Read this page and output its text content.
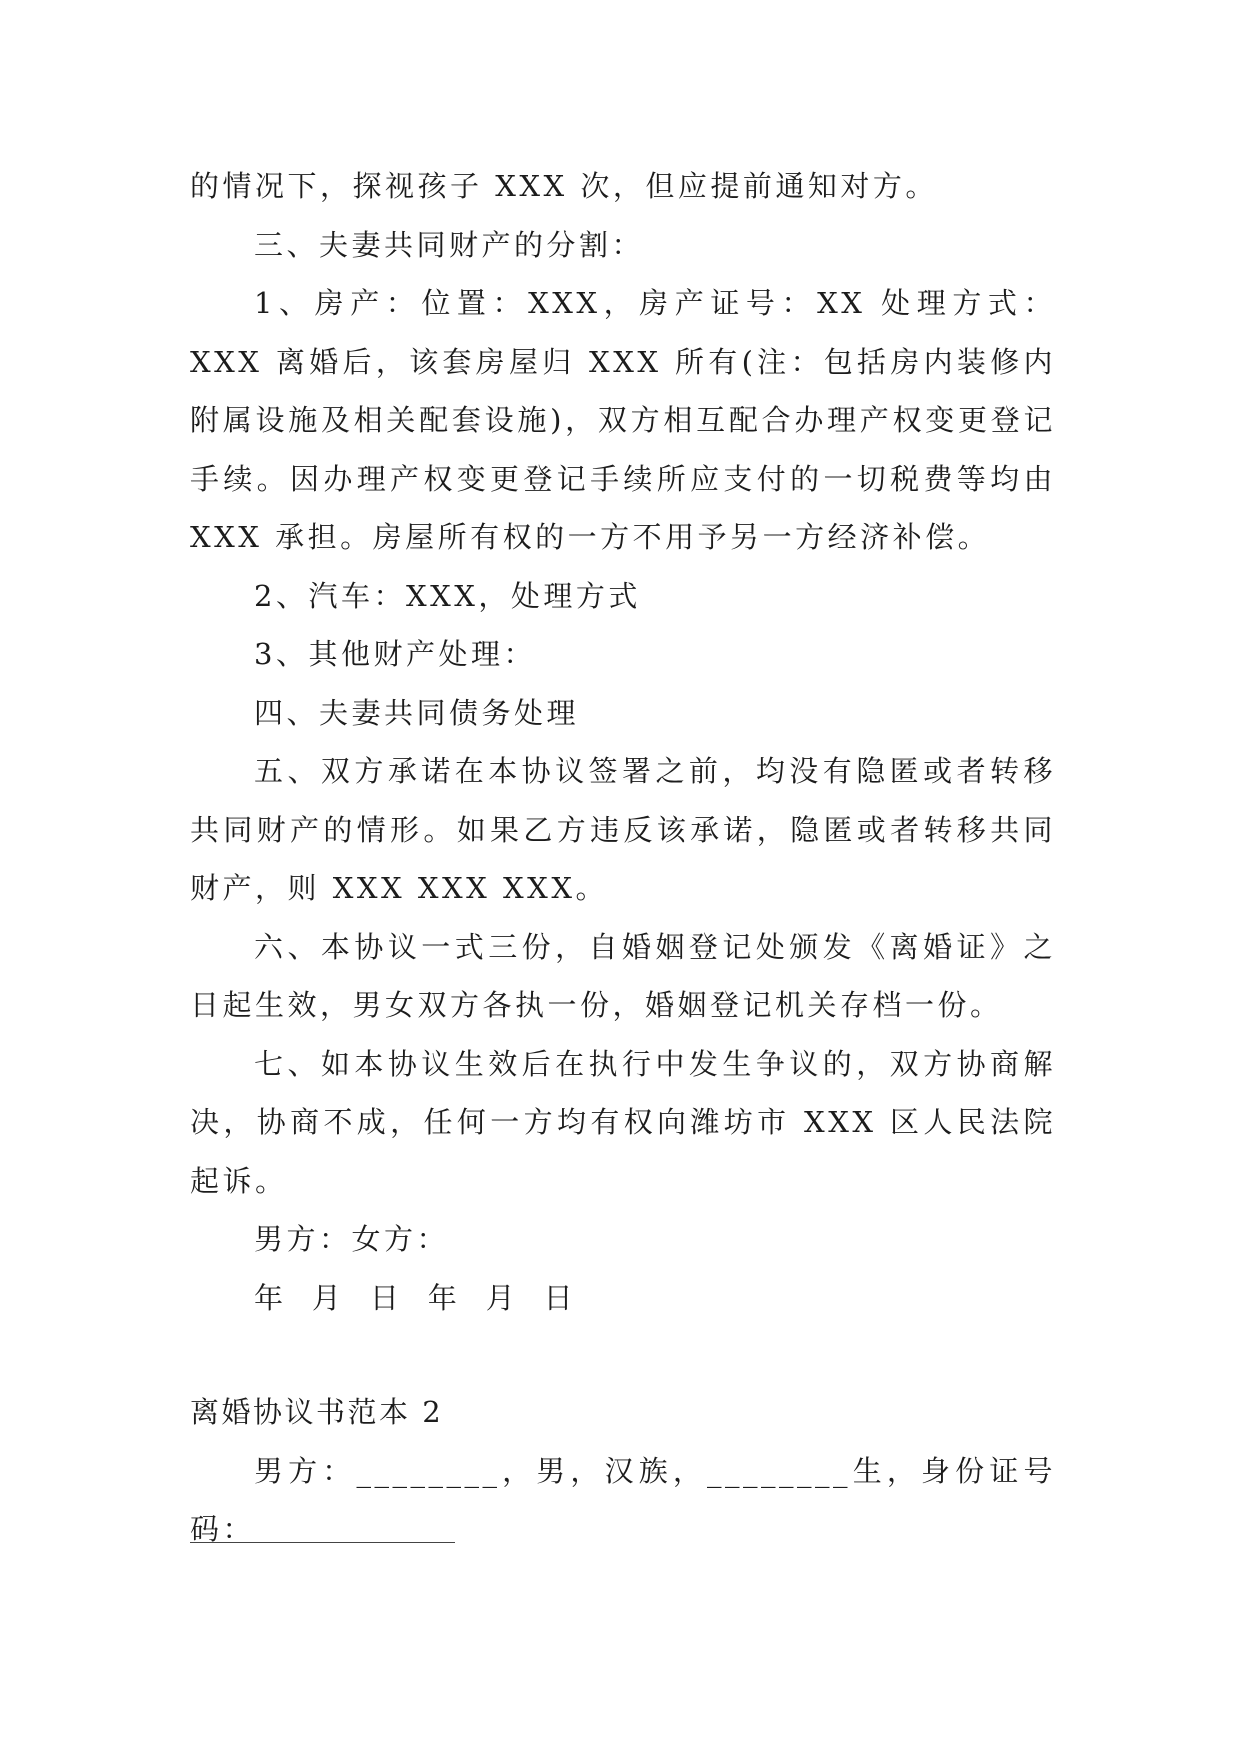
的情况下，探视孩子 XXX 次，但应提前通知对方。

三、夫妻共同财产的分割：

1、房产：位置：XXX，房产证号：XX 处理方式：XXX 离婚后，该套房屋归 XXX 所有(注：包括房内装修内附属设施及相关配套设施)，双方相互配合办理产权变更登记手续。因办理产权变更登记手续所应支付的一切税费等均由 XXX 承担。房屋所有权的一方不用予另一方经济补偿。

2、汽车：XXX，处理方式

3、其他财产处理：

四、夫妻共同债务处理

五、双方承诺在本协议签署之前，均没有隐匿或者转移共同财产的情形。如果乙方违反该承诺，隐匿或者转移共同财产，则 XXX XXX XXX。

六、本协议一式三份，自婚姻登记处颁发《离婚证》之日起生效，男女双方各执一份，婚姻登记机关存档一份。

七、如本协议生效后在执行中发生争议的，双方协商解决，协商不成，任何一方均有权向潍坊市 XXX 区人民法院起诉。

男方：女方：

年  月  日  年  月  日

离婚协议书范本 2

男方：________，男，汉族，________生，身份证号码：
